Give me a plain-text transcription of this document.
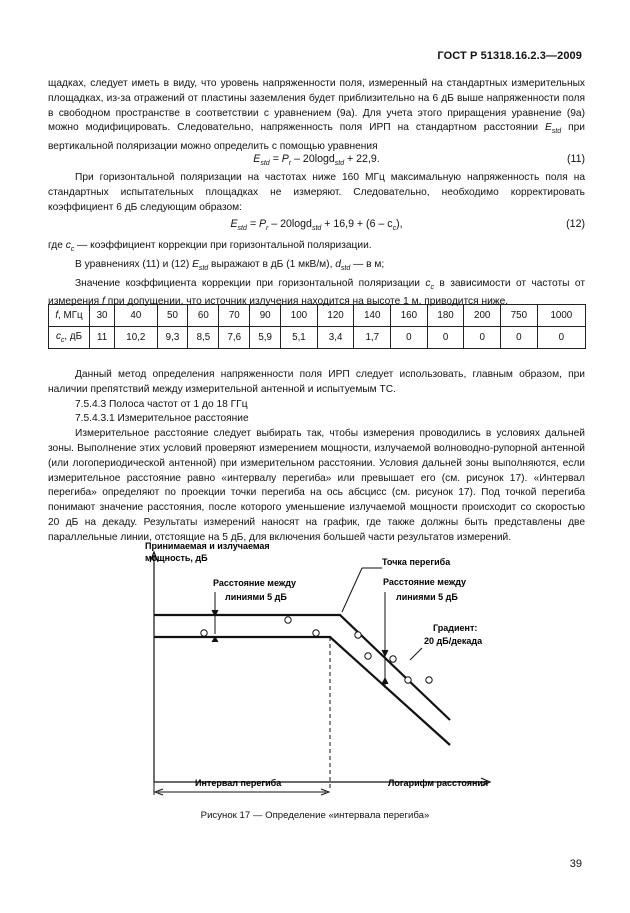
ГОСТ Р 51318.16.2.3—2009

щадках, следует иметь в виду, что уровень напряженности поля, измеренный на стандартных измерительных площадках, из-за отражений от пластины заземления будет приблизительно на 6 дБ выше напряженности поля в свободном пространстве в соответствии с уравнением (9а). Для учета этого приращения уравнение (9а) можно модифицировать. Следовательно, напряженность поля ИРП на стандартном расстоянии $E_{std}$ при вертикальной поляризации можно определить с помощью уравнения

$E_{std} = P_r - 20\log d_{std} + 22,9$.	(11)

При горизонтальной поляризации на частотах ниже 160 МГц максимальную напряженность поля на стандартных испытательных площадках не измеряют. Следовательно, необходимо корректировать коэффициент 6 дБ следующим образом:

$E_{std} = P_r - 20\log d_{std} + 16,9 + (6 - c_c)$,	(12)

где $c_c$ — коэффициент коррекции при горизонтальной поляризации.

В уравнениях (11) и (12) $E_{std}$ выражают в дБ (1 мкВ/м), $d_{std}$ — в м;

Значение коэффициента коррекции при горизонтальной поляризации $c_c$ в зависимости от частоты от измерения f при допущении, что источник излучения находится на высоте 1 м, приводится ниже.

f, МГц	30	40	50	60	70	90	100	120	140	160	180	200	750	1000
$c_c$, дБ	11	10,2	9,3	8,5	7,6	5,9	5,1	3,4	1,7	0	0	0	0	0

Данный метод определения напряженности поля ИРП следует использовать, главным образом, при наличии препятствий между измерительной антенной и испытуемым ТС.

7.5.4.3 Полоса частот от 1 до 18 ГГц

7.5.4.3.1 Измерительное расстояние

Измерительное расстояние следует выбирать так, чтобы измерения проводились в условиях дальней зоны. Выполнение этих условий проверяют измерением мощности, излучаемой волноводно-рупорной антенной (или логопериодической антенной) при измерительном расстоянии. Условия дальней зоны выполняются, если измерительное расстояние равно «интервалу перегиба» или превышает его (см. рисунок 17). «Интервал перегиба» определяют по проекции точки перегиба на ось абсцисс (см. рисунок 17). Под точкой перегиба понимают значение расстояния, после которого уменьшение излучаемой мощности происходит со скоростью 20 дБ на декаду. Результаты измерений наносят на график, где также должны быть представлены две параллельные линии, отстоящие на 5 дБ, для включения большей части результатов измерений.

Принимаемая и излучаемая
мощность, дБ
Интервал перегиба	Логарифм расстояния
Расстояние между
линиями 5 дБ
Точка перегиба
Расстояние между
линиями 5 дБ
Градиент:
20 дБ/декада
Рисунок 17 — Определение «интервала перегиба»
39
